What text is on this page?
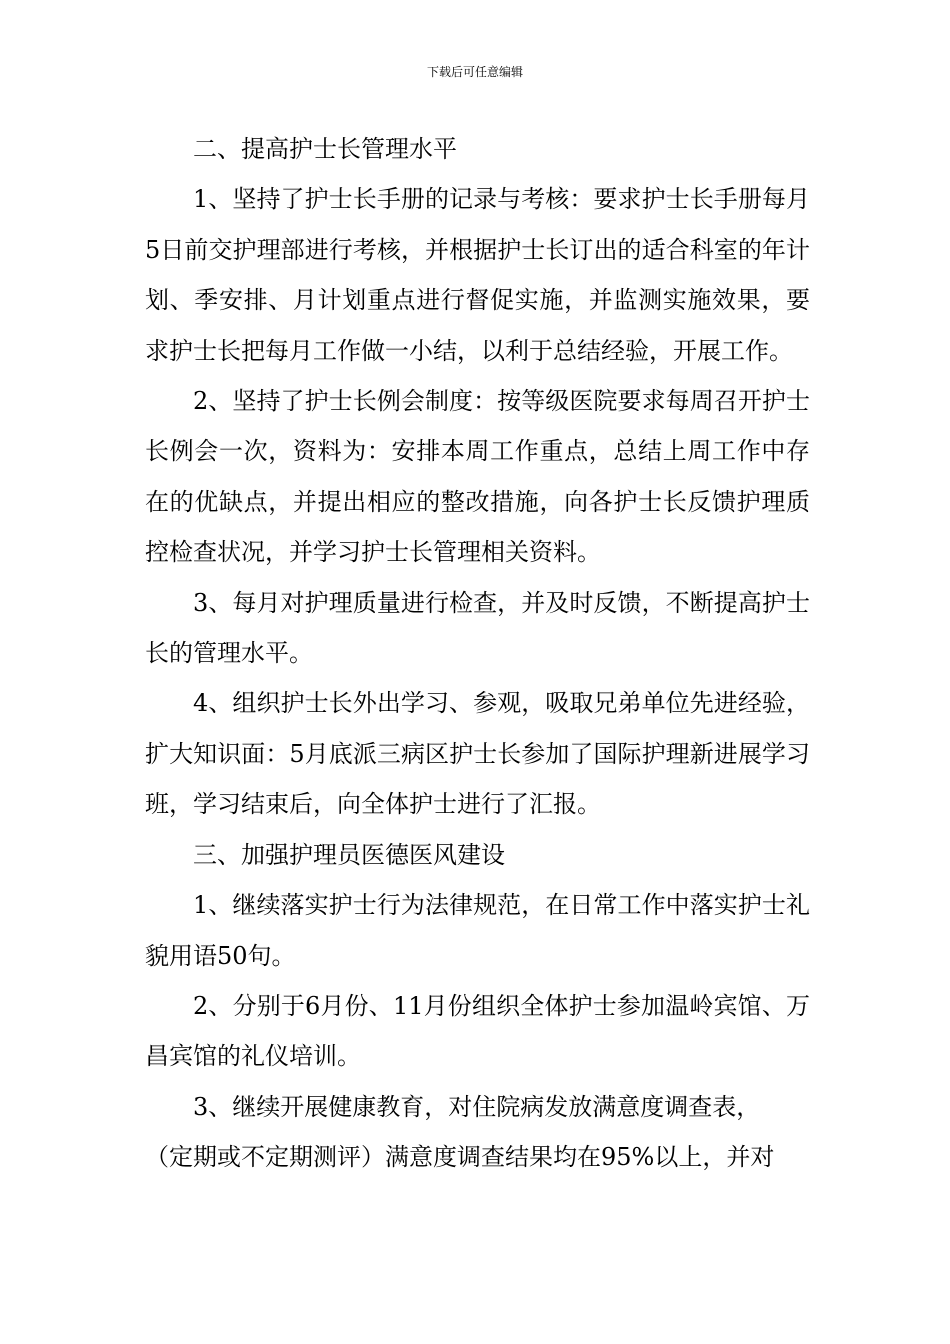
下载后可任意编辑

二、提高护士长管理水平

1、坚持了护士长手册的记录与考核：要求护士长手册每月5日前交护理部进行考核，并根据护士长订出的适合科室的年计划、季安排、月计划重点进行督促实施，并监测实施效果，要求护士长把每月工作做一小结，以利于总结经验，开展工作。

2、坚持了护士长例会制度：按等级医院要求每周召开护士长例会一次，资料为：安排本周工作重点，总结上周工作中存在的优缺点，并提出相应的整改措施，向各护士长反馈护理质控检查状况，并学习护士长管理相关资料。

3、每月对护理质量进行检查，并及时反馈，不断提高护士长的管理水平。

4、组织护士长外出学习、参观，吸取兄弟单位先进经验，扩大知识面：5月底派三病区护士长参加了国际护理新进展学习班，学习结束后，向全体护士进行了汇报。

三、加强护理员医德医风建设

1、继续落实护士行为法律规范，在日常工作中落实护士礼貌用语50句。

2、分别于6月份、11月份组织全体护士参加温岭宾馆、万昌宾馆的礼仪培训。

3、继续开展健康教育，对住院病发放满意度调查表，

（定期或不定期测评）满意度调查结果均在95%以上，并对
